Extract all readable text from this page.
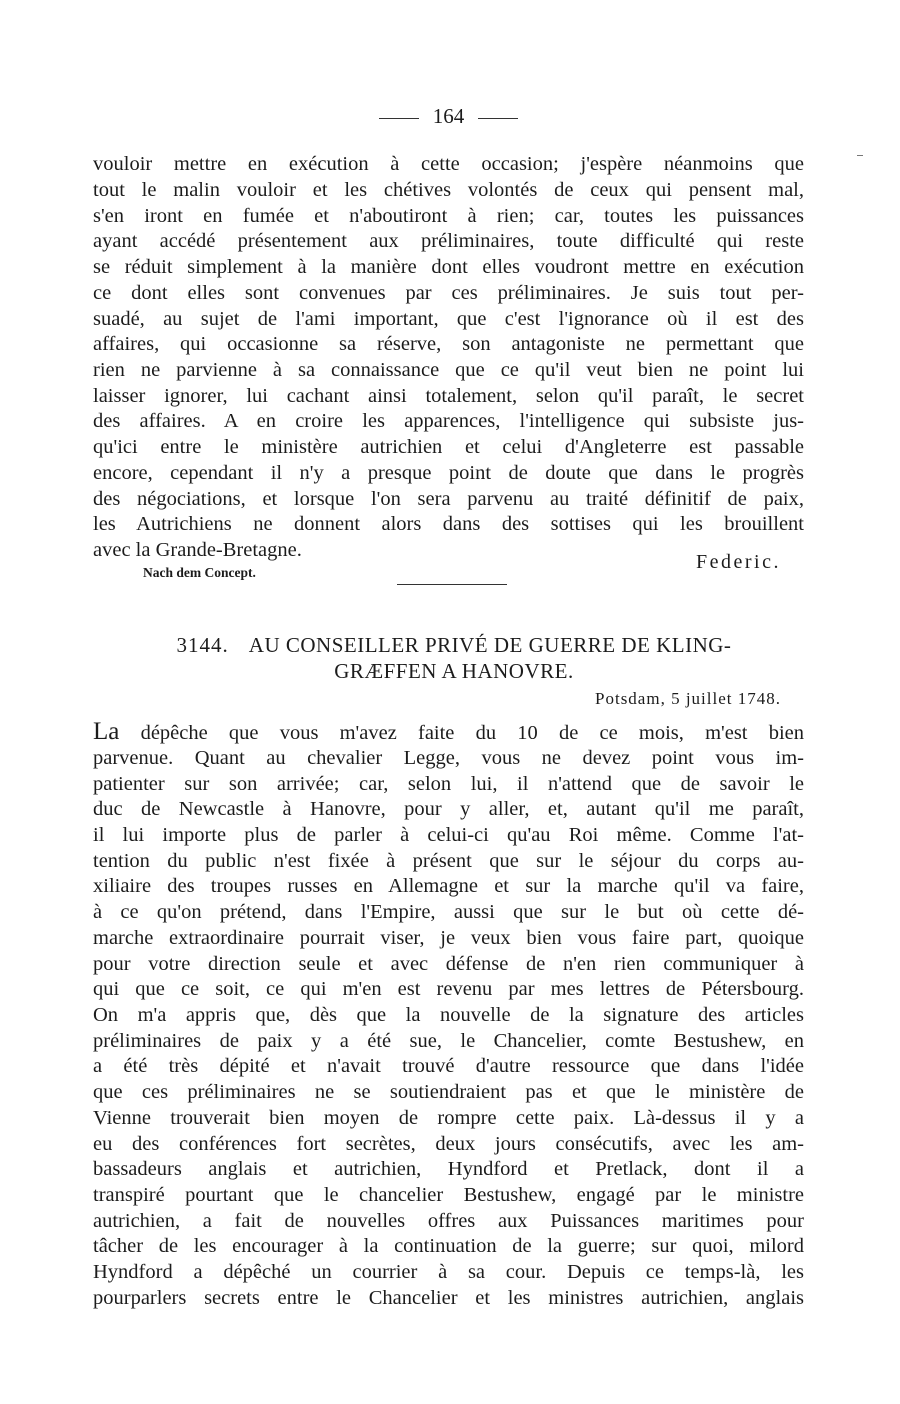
164
vouloir mettre en exécution à cette occasion; j'espère néanmoins que
tout le malin vouloir et les chétives volontés de ceux qui pensent mal,
s'en iront en fumée et n'aboutiront à rien; car, toutes les puissances
ayant accédé présentement aux préliminaires, toute difficulté qui reste
se réduit simplement à la manière dont elles voudront mettre en exécution
ce dont elles sont convenues par ces préliminaires. Je suis tout per-
suadé, au sujet de l'ami important, que c'est l'ignorance où il est des
affaires, qui occasionne sa réserve, son antagoniste ne permettant que
rien ne parvienne à sa connaissance que ce qu'il veut bien ne point lui
laisser ignorer, lui cachant ainsi totalement, selon qu'il paraît, le secret
des affaires. A en croire les apparences, l'intelligence qui subsiste jus-
qu'ici entre le ministère autrichien et celui d'Angleterre est passable
encore, cependant il n'y a presque point de doute que dans le progrès
des négociations, et lorsque l'on sera parvenu au traité définitif de paix,
les Autrichiens ne donnent alors dans des sottises qui les brouillent
avec la Grande-Bretagne.
Federic.
Nach dem Concept.
3144. AU CONSEILLER PRIVÉ DE GUERRE DE KLING-
GRÆFFEN A HANOVRE.
Potsdam, 5 juillet 1748.
La dépêche que vous m'avez faite du 10 de ce mois, m'est bien
parvenue. Quant au chevalier Legge, vous ne devez point vous im-
patienter sur son arrivée; car, selon lui, il n'attend que de savoir le
duc de Newcastle à Hanovre, pour y aller, et, autant qu'il me paraît,
il lui importe plus de parler à celui-ci qu'au Roi même. Comme l'at-
tention du public n'est fixée à présent que sur le séjour du corps au-
xiliaire des troupes russes en Allemagne et sur la marche qu'il va faire,
à ce qu'on prétend, dans l'Empire, aussi que sur le but où cette dé-
marche extraordinaire pourrait viser, je veux bien vous faire part, quoique
pour votre direction seule et avec défense de n'en rien communiquer à
qui que ce soit, ce qui m'en est revenu par mes lettres de Pétersbourg.
On m'a appris que, dès que la nouvelle de la signature des articles
préliminaires de paix y a été sue, le Chancelier, comte Bestushew, en
a été très dépité et n'avait trouvé d'autre ressource que dans l'idée
que ces préliminaires ne se soutiendraient pas et que le ministère de
Vienne trouverait bien moyen de rompre cette paix. Là-dessus il y a
eu des conférences fort secrètes, deux jours consécutifs, avec les am-
bassadeurs anglais et autrichien, Hyndford et Pretlack, dont il a
transpiré pourtant que le chancelier Bestushew, engagé par le ministre
autrichien, a fait de nouvelles offres aux Puissances maritimes pour
tâcher de les encourager à la continuation de la guerre; sur quoi, milord
Hyndford a dépêché un courrier à sa cour. Depuis ce temps-là, les
pourparlers secrets entre le Chancelier et les ministres autrichien, anglais
